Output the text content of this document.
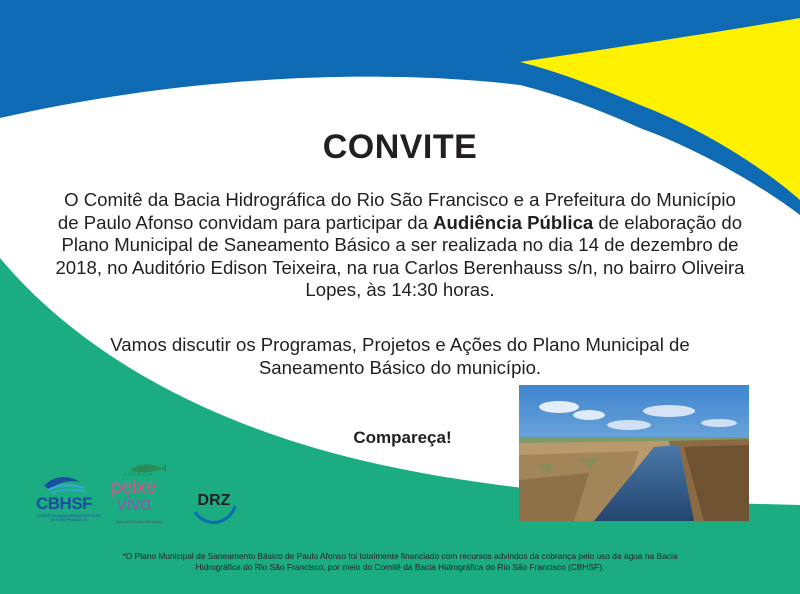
CONVITE
O Comitê da Bacia Hidrográfica do Rio São Francisco e a Prefeitura do Município de Paulo Afonso convidam para participar da Audiência Pública de elaboração do Plano Municipal de Saneamento Básico a ser realizada no dia 14 de dezembro de 2018, no Auditório Edison Teixeira, na rua Carlos Berenhauss s/n, no bairro Oliveira Lopes, às 14:30 horas.
Vamos discutir os Programas, Projetos e Ações do Plano Municipal de Saneamento Básico do município.
Compareça!
CBHSF
COMITÊ DA BACIA HIDROGRÁFICA DO RIO SÃO FRANCISCO
AGÊNCIA
peixe
vivo
Agência de Bacia Hidrográfica
DRZ
*O Plano Municipal de Saneamento Básico de Paulo Afonso foi totalmente financiado com recursos advindos da cobrança pelo uso da água na Bacia Hidrográfica do Rio São Francisco, por meio do Comitê da Bacia Hidrográfica do Rio São Francisco (CBHSF).
